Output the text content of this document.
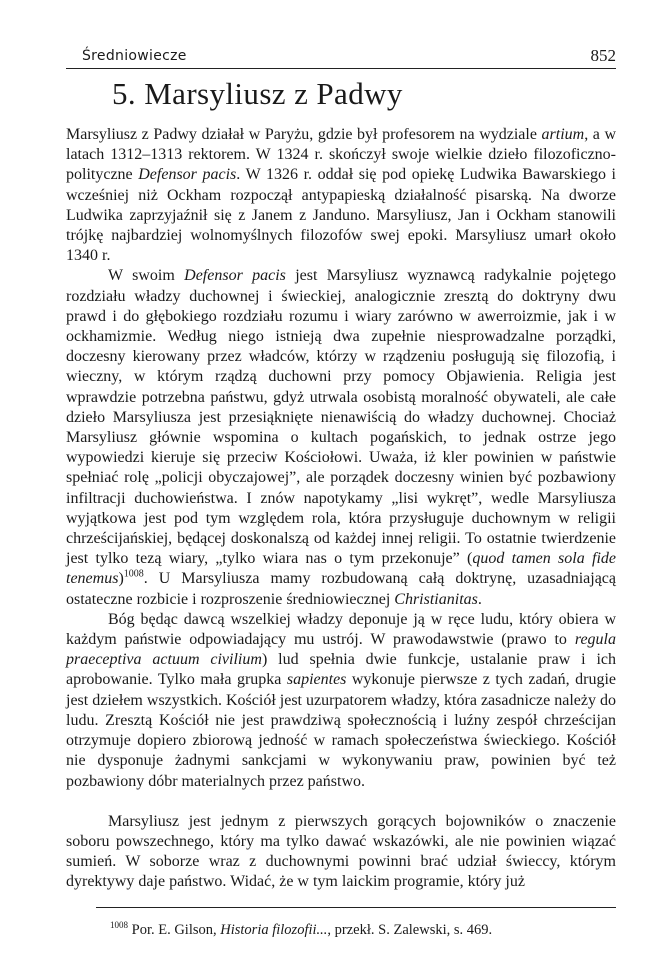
Średniowiecze	852
5. Marsyliusz z Padwy

Marsyliusz z Padwy działał w Paryżu, gdzie był profesorem na wydziale artium, a w latach 1312–1313 rektorem. W 1324 r. skończył swoje wielkie dzieło filozoficzno-polityczne Defensor pacis. W 1326 r. oddał się pod opiekę Ludwika Bawarskiego i wcześniej niż Ockham rozpoczął antypapieską działalność pisarską. Na dworze Ludwika zaprzyjaźnił się z Janem z Janduno. Marsyliusz, Jan i Ockham stanowili trójkę najbardziej wolnomyślnych filozofów swej epoki. Marsyliusz umarł około 1340 r.

W swoim Defensor pacis jest Marsyliusz wyznawcą radykalnie pojętego rozdziału władzy duchownej i świeckiej, analogicznie zresztą do doktryny dwu prawd i do głębokiego rozdziału rozumu i wiary zarówno w awerroizmie, jak i w ockhamizmie. Według niego istnieją dwa zupełnie niesprowadzalne porządki, doczesny kierowany przez władców, którzy w rządzeniu posługują się filozofią, i wieczny, w którym rządzą duchowni przy pomocy Objawienia. Religia jest wprawdzie potrzebna państwu, gdyż utrwala osobistą moralność obywateli, ale całe dzieło Marsyliusza jest przesiąknięte nienawiścią do władzy duchownej. Chociaż Marsyliusz głównie wspomina o kultach pogańskich, to jednak ostrze jego wypowiedzi kieruje się przeciw Kościołowi. Uważa, iż kler powinien w państwie spełniać rolę „policji obyczajowej”, ale porządek doczesny winien być pozbawiony infiltracji duchowieństwa. I znów napotykamy „lisi wykręt”, wedle Marsyliusza wyjątkowa jest pod tym względem rola, która przysługuje duchownym w religii chrześcijańskiej, będącej doskonalszą od każdej innej religii. To ostatnie twierdzenie jest tylko tezą wiary, „tylko wiara nas o tym przekonuje” (quod tamen sola fide tenemus)$^{1008}$. U Marsyliusza mamy rozbudowaną całą doktrynę, uzasadniającą ostateczne rozbicie i rozproszenie średniowiecznej Christianitas.

Bóg będąc dawcą wszelkiej władzy deponuje ją w ręce ludu, który obiera w każdym państwie odpowiadający mu ustrój. W prawodawstwie (prawo to regula praeceptiva actuum civilium) lud spełnia dwie funkcje, ustalanie praw i ich aprobowanie. Tylko mała grupka sapientes wykonuje pierwsze z tych zadań, drugie jest dziełem wszystkich. Kościół jest uzurpatorem władzy, która zasadnicze należy do ludu. Zresztą Kościół nie jest prawdziwą społecznością i luźny zespół chrześcijan otrzymuje dopiero zbiorową jedność w ramach społeczeństwa świeckiego. Kościół nie dysponuje żadnymi sankcjami w wykonywaniu praw, powinien być też pozbawiony dóbr materialnych przez państwo.

Marsyliusz jest jednym z pierwszych gorących bojowników o znaczenie soboru powszechnego, który ma tylko dawać wskazówki, ale nie powinien wiązać sumień. W soborze wraz z duchownymi powinni brać udział świeccy, którym dyrektywy daje państwo. Widać, że w tym laickim programie, który już

$^{1008}$ Por. E. Gilson, Historia filozofii..., przekł. S. Zalewski, s. 469.
